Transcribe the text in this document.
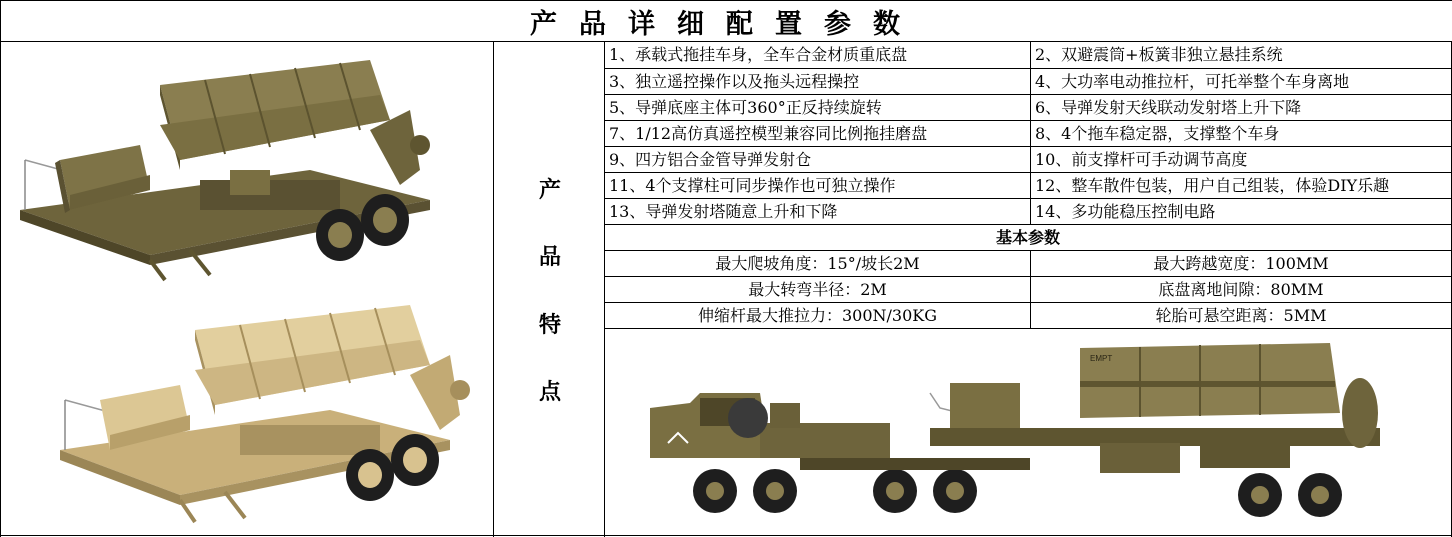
产品详细配置参数
产
品
特
点
1、承载式拖挂车身，全车合金材质重底盘	2、双避震筒+板簧非独立悬挂系统
3、独立遥控操作以及拖头远程操控	4、大功率电动推拉杆，可托举整个车身离地
5、导弹底座主体可360°正反持续旋转	6、导弹发射天线联动发射塔上升下降
7、1/12高仿真遥控模型兼容同比例拖挂磨盘	8、4个拖车稳定器，支撑整个车身
9、四方铝合金管导弹发射仓	10、前支撑杆可手动调节高度
11、4个支撑柱可同步操作也可独立操作	12、整车散件包装，用户自己组装，体验DIY乐趣
13、导弹发射塔随意上升和下降	14、多功能稳压控制电路
基本参数
最大爬坡角度：15°/坡长2M	最大跨越宽度：100MM
最大转弯半径：2M	底盘离地间隙：80MM
伸缩杆最大推拉力：300N/30KG	轮胎可悬空距离：5MM
EMPT
